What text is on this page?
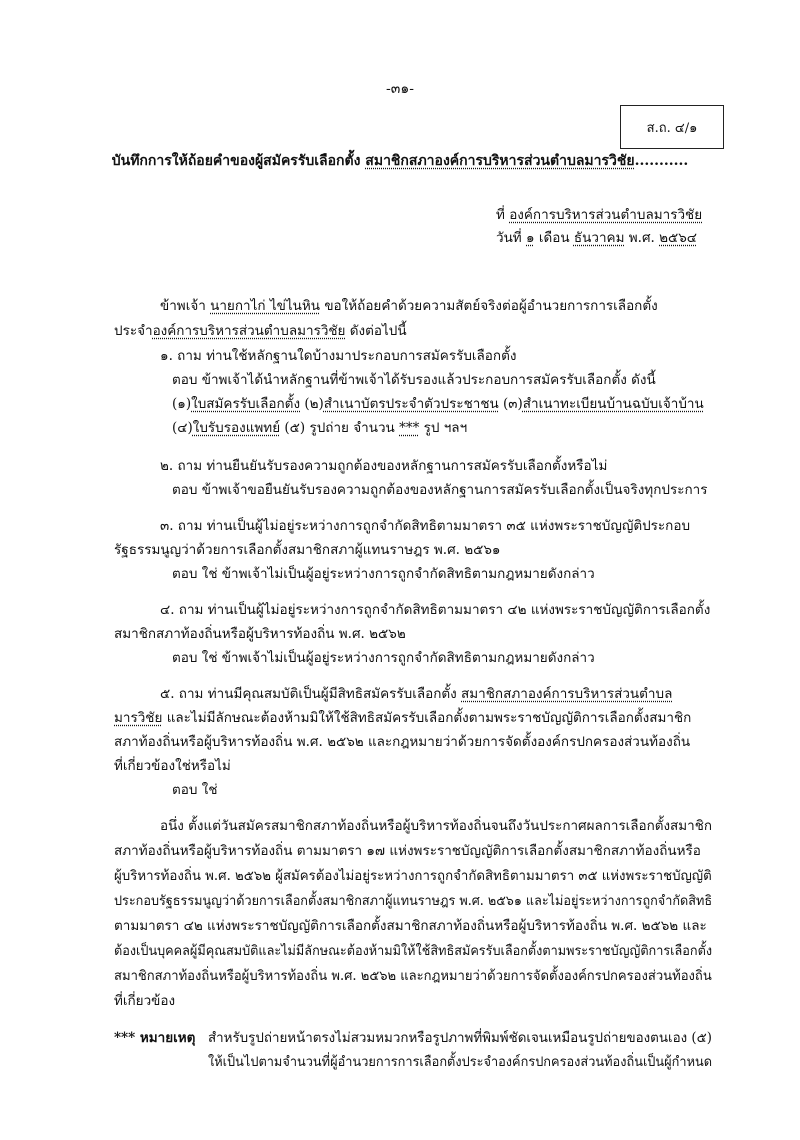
-๓๑-
ส.ถ. ๔/๑
บันทึกการให้ถ้อยคำของผู้สมัครรับเลือกตั้ง สมาชิกสภาองค์การบริหารส่วนตำบลมารวิชัย...........
ที่ องค์การบริหารส่วนตำบลมารวิชัย
วันที่ ๑ เดือน ธันวาคม พ.ศ. ๒๕๖๔
ข้าพเจ้า นายกาไก่ ไข่ไนหิน ขอให้ถ้อยคำด้วยความสัตย์จริงต่อผู้อำนวยการการเลือกตั้ง
ประจำองค์การบริหารส่วนตำบลมารวิชัย ดังต่อไปนี้
๑. ถาม ท่านใช้หลักฐานใดบ้างมาประกอบการสมัครรับเลือกตั้ง
ตอบ ข้าพเจ้าได้นำหลักฐานที่ข้าพเจ้าได้รับรองแล้วประกอบการสมัครรับเลือกตั้ง ดังนี้
(๑)ใบสมัครรับเลือกตั้ง (๒)สำเนาบัตรประจำตัวประชาชน (๓)สำเนาทะเบียนบ้านฉบับเจ้าบ้าน
(๔)ใบรับรองแพทย์ (๕) รูปถ่าย จำนวน *** รูป ฯลฯ
๒. ถาม ท่านยืนยันรับรองความถูกต้องของหลักฐานการสมัครรับเลือกตั้งหรือไม่
ตอบ ข้าพเจ้าขอยืนยันรับรองความถูกต้องของหลักฐานการสมัครรับเลือกตั้งเป็นจริงทุกประการ
๓. ถาม ท่านเป็นผู้ไม่อยู่ระหว่างการถูกจำกัดสิทธิตามมาตรา ๓๕ แห่งพระราชบัญญัติประกอบ
รัฐธรรมนูญว่าด้วยการเลือกตั้งสมาชิกสภาผู้แทนราษฎร พ.ศ. ๒๕๖๑
ตอบ ใช่ ข้าพเจ้าไม่เป็นผู้อยู่ระหว่างการถูกจำกัดสิทธิตามกฎหมายดังกล่าว
๔. ถาม ท่านเป็นผู้ไม่อยู่ระหว่างการถูกจำกัดสิทธิตามมาตรา ๔๒ แห่งพระราชบัญญัติการเลือกตั้ง
สมาชิกสภาท้องถิ่นหรือผู้บริหารท้องถิ่น พ.ศ. ๒๕๖๒
ตอบ ใช่ ข้าพเจ้าไม่เป็นผู้อยู่ระหว่างการถูกจำกัดสิทธิตามกฎหมายดังกล่าว
๕. ถาม ท่านมีคุณสมบัติเป็นผู้มีสิทธิสมัครรับเลือกตั้ง สมาชิกสภาองค์การบริหารส่วนตำบล
มารวิชัย และไม่มีลักษณะต้องห้ามมิให้ใช้สิทธิสมัครรับเลือกตั้งตามพระราชบัญญัติการเลือกตั้งสมาชิก
สภาท้องถิ่นหรือผู้บริหารท้องถิ่น พ.ศ. ๒๕๖๒ และกฎหมายว่าด้วยการจัดตั้งองค์กรปกครองส่วนท้องถิ่น
ที่เกี่ยวข้องใช่หรือไม่
ตอบ ใช่
อนึ่ง ตั้งแต่วันสมัครสมาชิกสภาท้องถิ่นหรือผู้บริหารท้องถิ่นจนถึงวันประกาศผลการเลือกตั้งสมาชิก
สภาท้องถิ่นหรือผู้บริหารท้องถิ่น ตามมาตรา ๑๗ แห่งพระราชบัญญัติการเลือกตั้งสมาชิกสภาท้องถิ่นหรือ
ผู้บริหารท้องถิ่น พ.ศ. ๒๕๖๒ ผู้สมัครต้องไม่อยู่ระหว่างการถูกจำกัดสิทธิตามมาตรา ๓๕ แห่งพระราชบัญญัติ
ประกอบรัฐธรรมนูญว่าด้วยการเลือกตั้งสมาชิกสภาผู้แทนราษฎร พ.ศ. ๒๕๖๑ และไม่อยู่ระหว่างการถูกจำกัดสิทธิ
ตามมาตรา ๔๒ แห่งพระราชบัญญัติการเลือกตั้งสมาชิกสภาท้องถิ่นหรือผู้บริหารท้องถิ่น พ.ศ. ๒๕๖๒ และ
ต้องเป็นบุคคลผู้มีคุณสมบัติและไม่มีลักษณะต้องห้ามมิให้ใช้สิทธิสมัครรับเลือกตั้งตามพระราชบัญญัติการเลือกตั้ง
สมาชิกสภาท้องถิ่นหรือผู้บริหารท้องถิ่น พ.ศ. ๒๕๖๒ และกฎหมายว่าด้วยการจัดตั้งองค์กรปกครองส่วนท้องถิ่น
ที่เกี่ยวข้อง
*** หมายเหตุ สำหรับรูปถ่ายหน้าตรงไม่สวมหมวกหรือรูปภาพที่พิมพ์ชัดเจนเหมือนรูปถ่ายของตนเอง (๕)
ให้เป็นไปตามจำนวนที่ผู้อำนวยการการเลือกตั้งประจำองค์กรปกครองส่วนท้องถิ่นเป็นผู้กำหนด
